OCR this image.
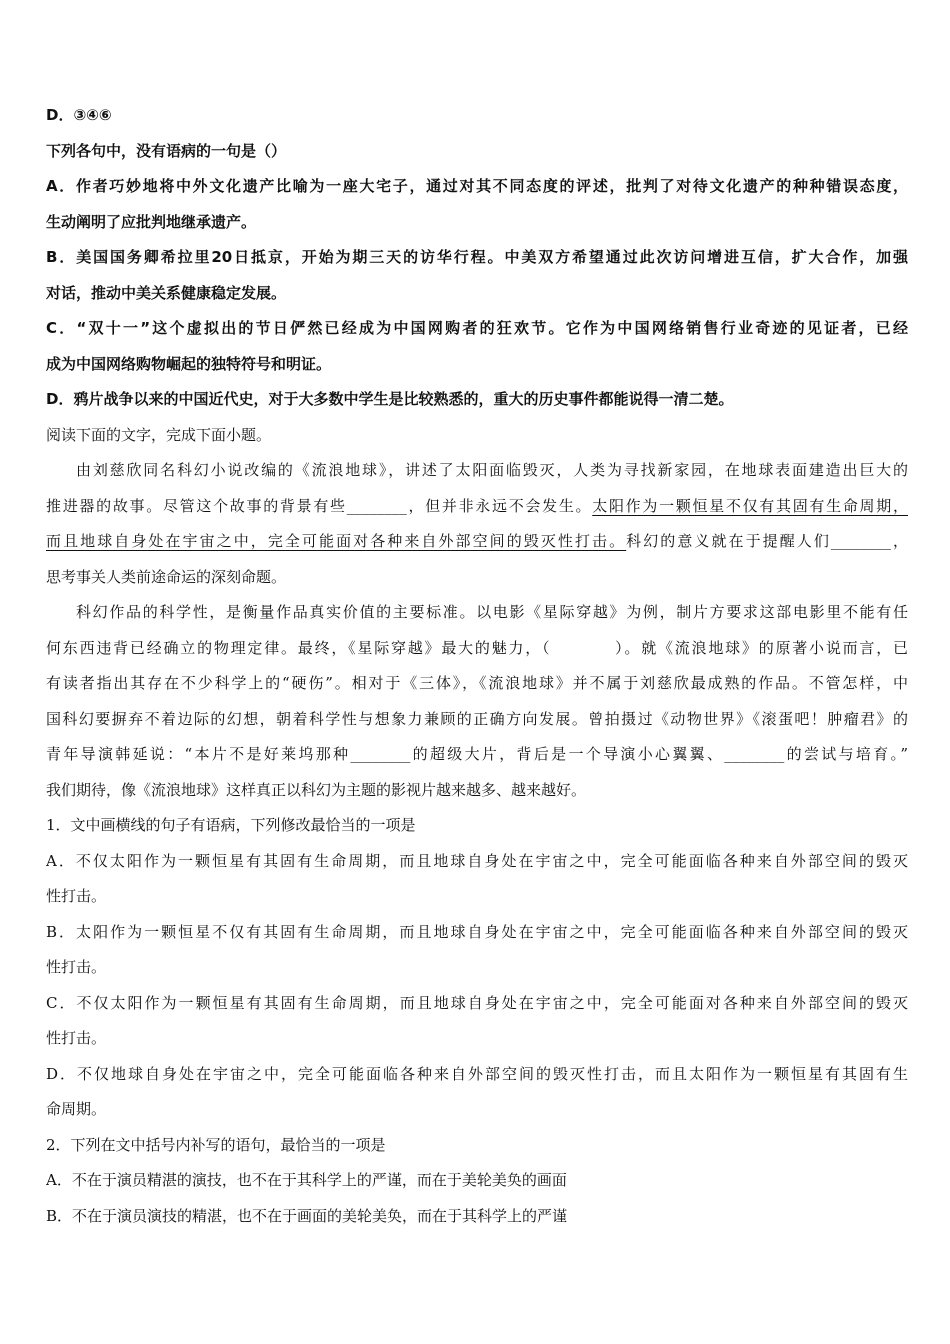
D．③④⑥
下列各句中，没有语病的一句是（）
A．作者巧妙地将中外文化遗产比喻为一座大宅子，通过对其不同态度的评述，批判了对待文化遗产的种种错误态度，
生动阐明了应批判地继承遗产。
B．美国国务卿希拉里20日抵京，开始为期三天的访华行程。中美双方希望通过此次访问增进互信，扩大合作，加强
对话，推动中美关系健康稳定发展。
C．“双十一”这个虚拟出的节日俨然已经成为中国网购者的狂欢节。它作为中国网络销售行业奇迹的见证者，已经
成为中国网络购物崛起的独特符号和明证。
D．鸦片战争以来的中国近代史，对于大多数中学生是比较熟悉的，重大的历史事件都能说得一清二楚。
阅读下面的文字，完成下面小题。
由刘慈欣同名科幻小说改编的《流浪地球》，讲述了太阳面临毁灭，人类为寻找新家园，在地球表面建造出巨大的
推进器的故事。尽管这个故事的背景有些________，但并非永远不会发生。太阳作为一颗恒星不仅有其固有生命周期，
而且地球自身处在宇宙之中，完全可能面对各种来自外部空间的毁灭性打击。科幻的意义就在于提醒人们________，
思考事关人类前途命运的深刻命题。
科幻作品的科学性，是衡量作品真实价值的主要标准。以电影《星际穿越》为例，制片方要求这部电影里不能有任
何东西违背已经确立的物理定律。最终，《星际穿越》最大的魅力，（	）。就《流浪地球》的原著小说而言，已
有读者指出其存在不少科学上的“硬伤”。相对于《三体》，《流浪地球》并不属于刘慈欣最成熟的作品。不管怎样，中
国科幻要摒弃不着边际的幻想，朝着科学性与想象力兼顾的正确方向发展。曾拍摄过《动物世界》《滚蛋吧！肿瘤君》的
青年导演韩延说：“本片不是好莱坞那种________的超级大片，背后是一个导演小心翼翼、________的尝试与培育。”
我们期待，像《流浪地球》这样真正以科幻为主题的影视片越来越多、越来越好。
1．文中画横线的句子有语病，下列修改最恰当的一项是
A．不仅太阳作为一颗恒星有其固有生命周期，而且地球自身处在宇宙之中，完全可能面临各种来自外部空间的毁灭
性打击。
B．太阳作为一颗恒星不仅有其固有生命周期，而且地球自身处在宇宙之中，完全可能面临各种来自外部空间的毁灭
性打击。
C．不仅太阳作为一颗恒星有其固有生命周期，而且地球自身处在宇宙之中，完全可能面对各种来自外部空间的毁灭
性打击。
D．不仅地球自身处在宇宙之中，完全可能面临各种来自外部空间的毁灭性打击，而且太阳作为一颗恒星有其固有生
命周期。
2．下列在文中括号内补写的语句，最恰当的一项是
A．不在于演员精湛的演技，也不在于其科学上的严谨，而在于美轮美奂的画面
B．不在于演员演技的精湛，也不在于画面的美轮美奂，而在于其科学上的严谨
